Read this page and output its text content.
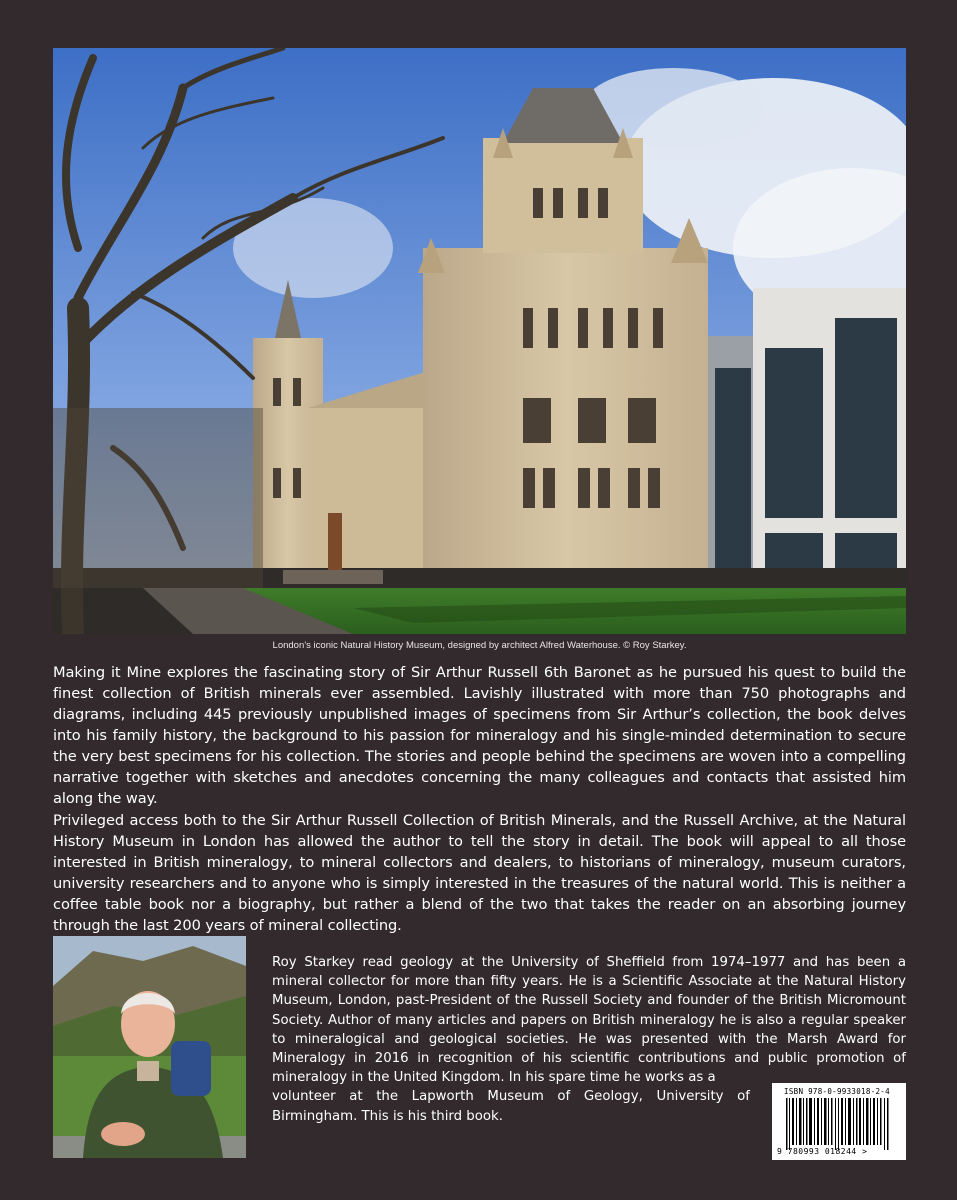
London’s iconic Natural History Museum, designed by architect Alfred Waterhouse. © Roy Starkey.

Making it Mine explores the fascinating story of Sir Arthur Russell 6th Baronet as he pursued his quest to build the finest collection of British minerals ever assembled. Lavishly illustrated with more than 750 photographs and diagrams, including 445 previously unpublished images of specimens from Sir Arthur’s collection, the book delves into his family history, the background to his passion for mineralogy and his single-minded determination to secure the very best specimens for his collection. The stories and people behind the specimens are woven into a compelling narrative together with sketches and anecdotes concerning the many colleagues and contacts that assisted him along the way.

Privileged access both to the Sir Arthur Russell Collection of British Minerals, and the Russell Archive, at the Natural History Museum in London has allowed the author to tell the story in detail. The book will appeal to all those interested in British mineralogy, to mineral collectors and dealers, to historians of mineralogy, museum curators, university researchers and to anyone who is simply interested in the treasures of the natural world. This is neither a coffee table book nor a biography, but rather a blend of the two that takes the reader on an absorbing journey through the last 200 years of mineral collecting.

Roy Starkey read geology at the University of Sheffield from 1974–1977 and has been a mineral collector for more than fifty years. He is a Scientific Associate at the Natural History Museum, London, past-President of the Russell Society and founder of the British Micromount Society. Author of many articles and papers on British mineralogy he is also a regular speaker to mineralogical and geological societies. He was presented with the Marsh Award for Mineralogy in 2016 in recognition of his scientific contributions and public promotion of mineralogy in the United Kingdom. In his spare time he works as a
volunteer at the Lapworth Museum of Geology, University of Birmingham. This is his third book.
ISBN 978-0-9933018-2-4
9 780993 018244 >
